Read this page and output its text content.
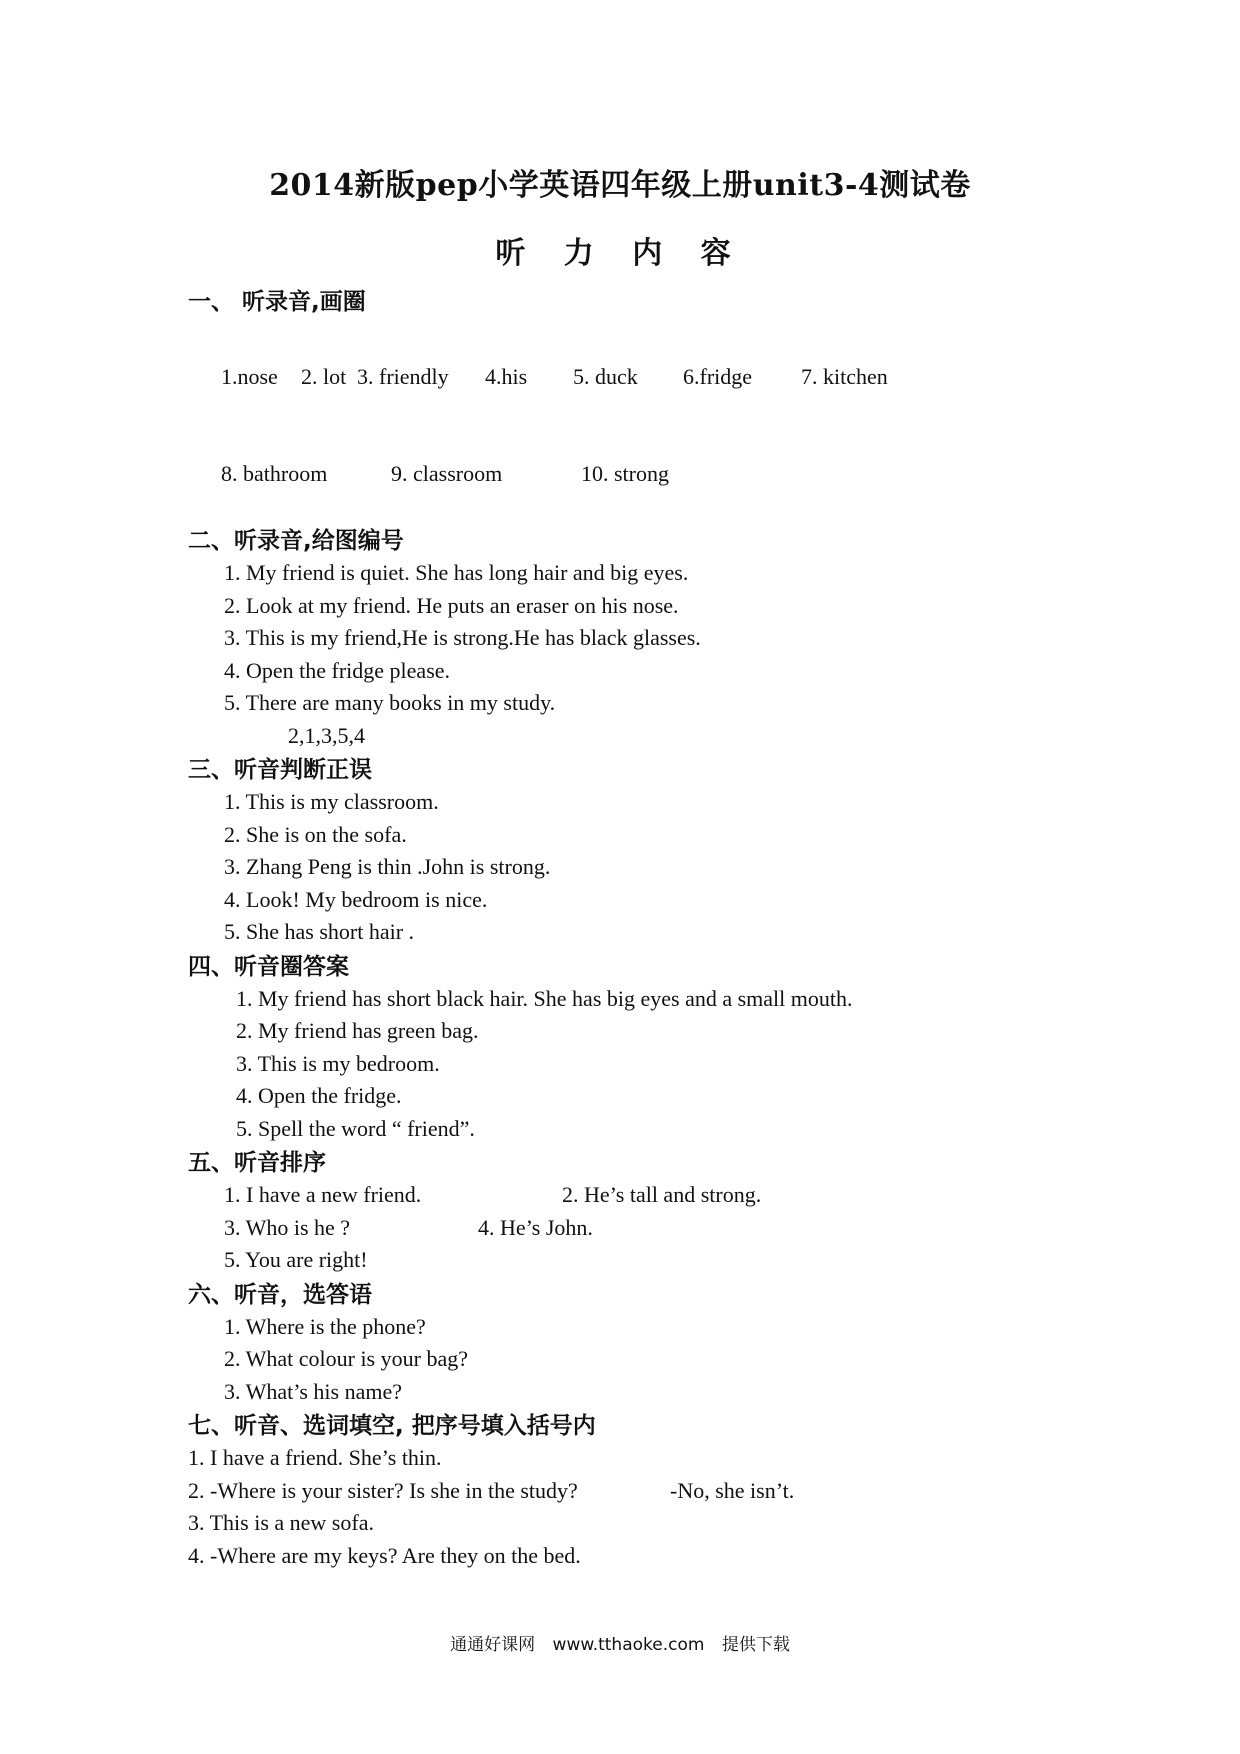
2014新版pep小学英语四年级上册unit3-4测试卷
听 力 内 容
一、 听录音,画圈

1.nose 2. lot 3. friendly 4.his 5. duck 6.fridge 7. kitchen

8. bathroom	9. classroom	10. strong

二、听录音,给图编号
1. My friend is quiet. She has long hair and big eyes.
2. Look at my friend. He puts an eraser on his nose.
3. This is my friend,He is strong.He has black glasses.
4. Open the fridge please.
5. There are many books in my study.
2,1,3,5,4
三、听音判断正误
1. This is my classroom.
2. She is on the sofa.
3. Zhang Peng is thin .John is strong.
4. Look! My bedroom is nice.
5. She has short hair .
四、听音圈答案
1. My friend has short black hair. She has big eyes and a small mouth.
2. My friend has green bag.
3. This is my bedroom.
4. Open the fridge.
5. Spell the word “ friend”.
五、听音排序
1. I have a new friend.	2. He’s tall and strong.
3. Who is he ?	4. He’s John.
5. You are right!
六、听音，选答语
1. Where is the phone?
2. What colour is your bag?
3. What’s his name?
七、听音、选词填空, 把序号填入括号内
1. I have a friend. She’s thin.
2. -Where is your sister? Is she in the study?	-No, she isn’t.
3. This is a new sofa.
4. -Where are my keys? Are they on the bed.
通通好课网 www.tthaoke.com 提供下载
